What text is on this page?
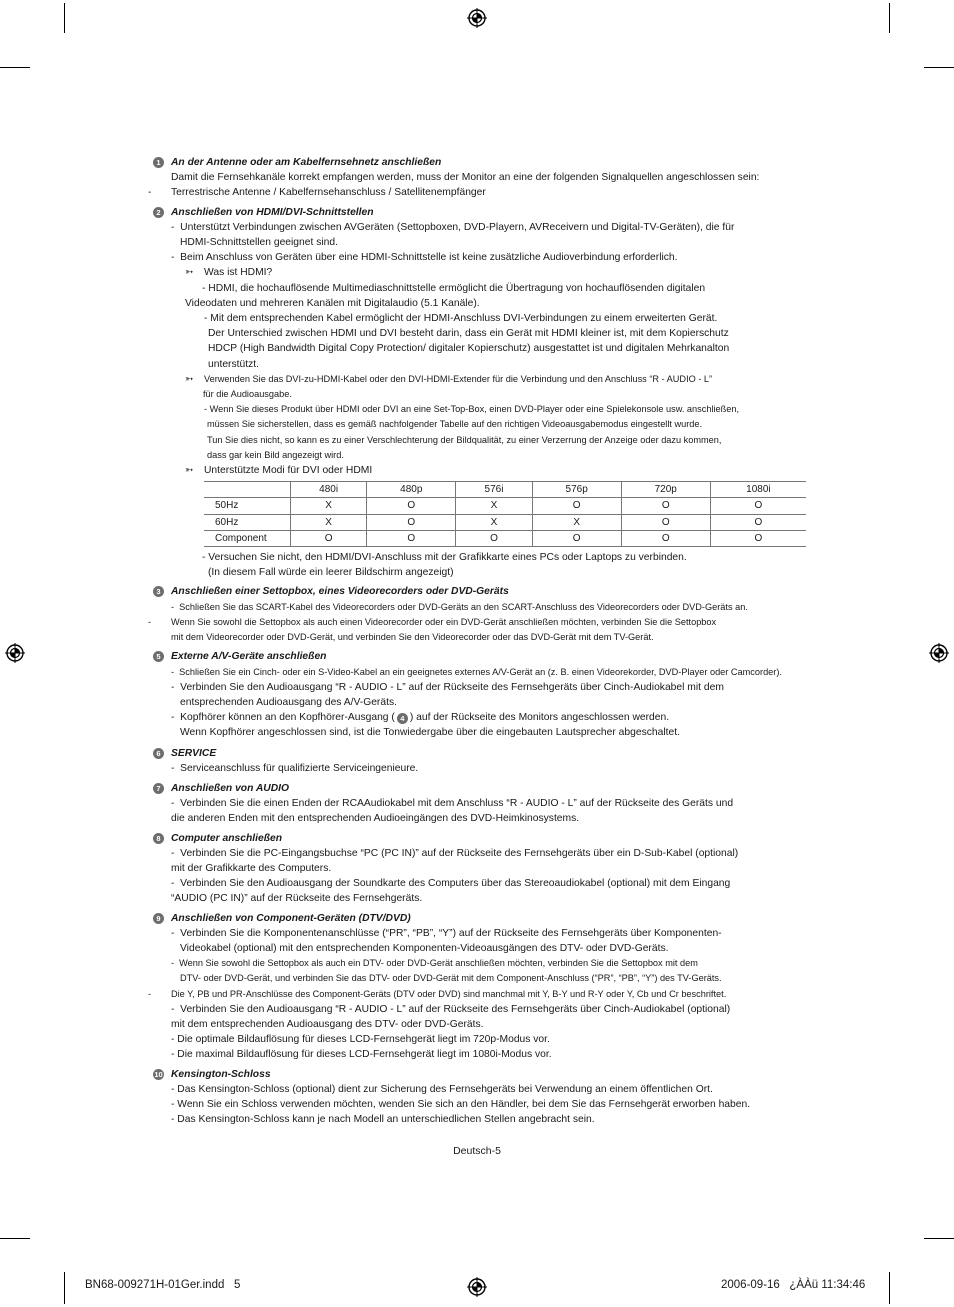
1	An der Antenne oder am Kabelfernsehnetz anschließen
Damit die Fernsehkanäle korrekt empfangen werden, muss der Monitor an eine der folgenden Signalquellen angeschlossen sein:
- Terrestrische Antenne / Kabelfernsehanschluss / Satellitenempfänger
2	Anschließen von HDMI/DVI-Schnittstellen
-  Unterstützt Verbindungen zwischen AVGeräten (Settopboxen, DVD-Playern, AVReceivern und Digital-TV-Geräten), die für
HDMI-Schnittstellen geeignet sind.
-  Beim Anschluss von Geräten über eine HDMI-Schnittstelle ist keine zusätzliche Audioverbindung erforderlich.
➳ Was ist HDMI?
- HDMI, die hochauflösende Multimediaschnittstelle ermöglicht die Übertragung von hochauflösenden digitalen
Videodaten und mehreren Kanälen mit Digitalaudio (5.1 Kanäle).
- Mit dem entsprechenden Kabel ermöglicht der HDMI-Anschluss DVI-Verbindungen zu einem erweiterten Gerät.
Der Unterschied zwischen HDMI und DVI besteht darin, dass ein Gerät mit HDMI kleiner ist, mit dem Kopierschutz
HDCP (High Bandwidth Digital Copy Protection/ digitaler Kopierschutz) ausgestattet ist und digitalen Mehrkanalton
unterstützt.
➳ Verwenden Sie das DVI-zu-HDMI-Kabel oder den DVI-HDMI-Extender für die Verbindung und den Anschluss “R - AUDIO - L”
für die Audioausgabe.
- Wenn Sie dieses Produkt über HDMI oder DVI an eine Set-Top-Box, einen DVD-Player oder eine Spielekonsole usw. anschließen,
müssen Sie sicherstellen, dass es gemäß nachfolgender Tabelle auf den richtigen Videoausgabemodus eingestellt wurde.
Tun Sie dies nicht, so kann es zu einer Verschlechterung der Bildqualität, zu einer Verzerrung der Anzeige oder dazu kommen,
dass gar kein Bild angezeigt wird.
➳ Unterstützte Modi für DVI oder HDMI
	480i	480p	576i	576p	720p	1080i
50Hz	X	O	X	O	O	O
60Hz	X	O	X	X	O	O
Component	O	O	O	O	O	O
- Versuchen Sie nicht, den HDMI/DVI-Anschluss mit der Grafikkarte eines PCs oder Laptops zu verbinden.
(In diesem Fall würde ein leerer Bildschirm angezeigt)
3	Anschließen einer Settopbox, eines Videorecorders oder DVD-Geräts
-  Schließen Sie das SCART-Kabel des Videorecorders oder DVD-Geräts an den SCART-Anschluss des Videorecorders oder DVD-Geräts an.
- Wenn Sie sowohl die Settopbox als auch einen Videorecorder oder ein DVD-Gerät anschließen möchten, verbinden Sie die Settopbox
mit dem Videorecorder oder DVD-Gerät, und verbinden Sie den Videorecorder oder das DVD-Gerät mit dem TV-Gerät.
5	Externe A/V-Geräte anschließen
-  Schließen Sie ein Cinch- oder ein S-Video-Kabel an ein geeignetes externes A/V-Gerät an (z. B. einen Videorekorder, DVD-Player oder Camcorder).
-  Verbinden Sie den Audioausgang “R - AUDIO - L” auf der Rückseite des Fernsehgeräts über Cinch-Audiokabel mit dem
entsprechenden Audioausgang des A/V-Geräts.
-  Kopfhörer können an den Kopfhörer-Ausgang ( 4 ) auf der Rückseite des Monitors angeschlossen werden.
Wenn Kopfhörer angeschlossen sind, ist die Tonwiedergabe über die eingebauten Lautsprecher abgeschaltet.
6	SERVICE
-  Serviceanschluss für qualifizierte Serviceingenieure.
7	Anschließen von AUDIO
-  Verbinden Sie die einen Enden der RCAAudiokabel mit dem Anschluss “R - AUDIO - L” auf der Rückseite des Geräts und
die anderen Enden mit den entsprechenden Audioeingängen des DVD-Heimkinosystems.
8	Computer anschließen
-  Verbinden Sie die PC-Eingangsbuchse “PC (PC IN)” auf der Rückseite des Fernsehgeräts über ein D-Sub-Kabel (optional)
mit der Grafikkarte des Computers.
-  Verbinden Sie den Audioausgang der Soundkarte des Computers über das Stereoaudiokabel (optional) mit dem Eingang
“AUDIO (PC IN)” auf der Rückseite des Fernsehgeräts.
9	Anschließen von Component-Geräten (DTV/DVD)
-  Verbinden Sie die Komponentenanschlüsse (“PR”, “PB”, “Y”) auf der Rückseite des Fernsehgeräts über Komponenten-
Videokabel (optional) mit den entsprechenden Komponenten-Videoausgängen des DTV- oder DVD-Geräts.
-  Wenn Sie sowohl die Settopbox als auch ein DTV- oder DVD-Gerät anschließen möchten, verbinden Sie die Settopbox mit dem
DTV- oder DVD-Gerät, und verbinden Sie das DTV- oder DVD-Gerät mit dem Component-Anschluss (“PR”, “PB”, “Y”) des TV-Geräts.
- Die Y, PB und PR-Anschlüsse des Component-Geräts (DTV oder DVD) sind manchmal mit Y, B-Y und R-Y oder Y, Cb und Cr beschriftet.
-  Verbinden Sie den Audioausgang “R - AUDIO - L” auf der Rückseite des Fernsehgeräts über Cinch-Audiokabel (optional)
mit dem entsprechenden Audioausgang des DTV- oder DVD-Geräts.
- Die optimale Bildauflösung für dieses LCD-Fernsehgerät liegt im 720p-Modus vor.
- Die maximal Bildauflösung für dieses LCD-Fernsehgerät liegt im 1080i-Modus vor.
10 Kensington-Schloss
- Das Kensington-Schloss (optional) dient zur Sicherung des Fernsehgeräts bei Verwendung an einem öffentlichen Ort.
- Wenn Sie ein Schloss verwenden möchten, wenden Sie sich an den Händler, bei dem Sie das Fernsehgerät erworben haben.
- Das Kensington-Schloss kann je nach Modell an unterschiedlichen Stellen angebracht sein.
Deutsch-5
BN68-009271H-01Ger.indd   5	2006-09-16   ¿ÀÀü 11:34:46
